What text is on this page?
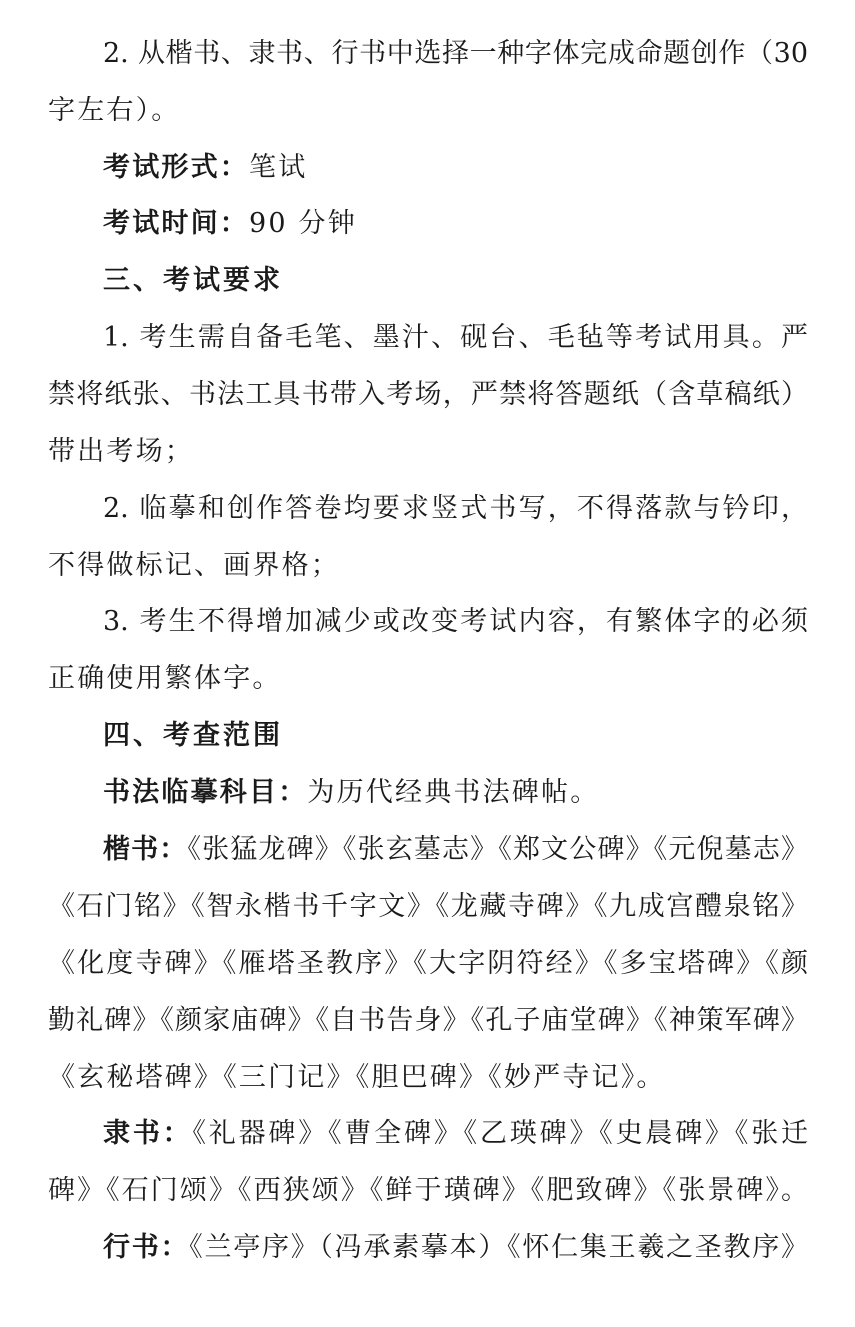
2. 从楷书、隶书、行书中选择一种字体完成命题创作（30
字左右）。
考试形式：笔试
考试时间：90 分钟
三、考试要求
1. 考生需自备毛笔、墨汁、砚台、毛毡等考试用具。严
禁将纸张、书法工具书带入考场，严禁将答题纸（含草稿纸）
带出考场；
2. 临摹和创作答卷均要求竖式书写，不得落款与钤印，
不得做标记、画界格；
3. 考生不得增加减少或改变考试内容，有繁体字的必须
正确使用繁体字。
四、考查范围
书法临摹科目：为历代经典书法碑帖。
楷书：《张猛龙碑》《张玄墓志》《郑文公碑》《元倪墓志》
《石门铭》《智永楷书千字文》《龙藏寺碑》《九成宫醴泉铭》
《化度寺碑》《雁塔圣教序》《大字阴符经》《多宝塔碑》《颜
勤礼碑》《颜家庙碑》《自书告身》《孔子庙堂碑》《神策军碑》
《玄秘塔碑》《三门记》《胆巴碑》《妙严寺记》。
隶书：《礼器碑》《曹全碑》《乙瑛碑》《史晨碑》《张迁
碑》《石门颂》《西狭颂》《鲜于璜碑》《肥致碑》《张景碑》。
行书：《兰亭序》（冯承素摹本）《怀仁集王羲之圣教序》
